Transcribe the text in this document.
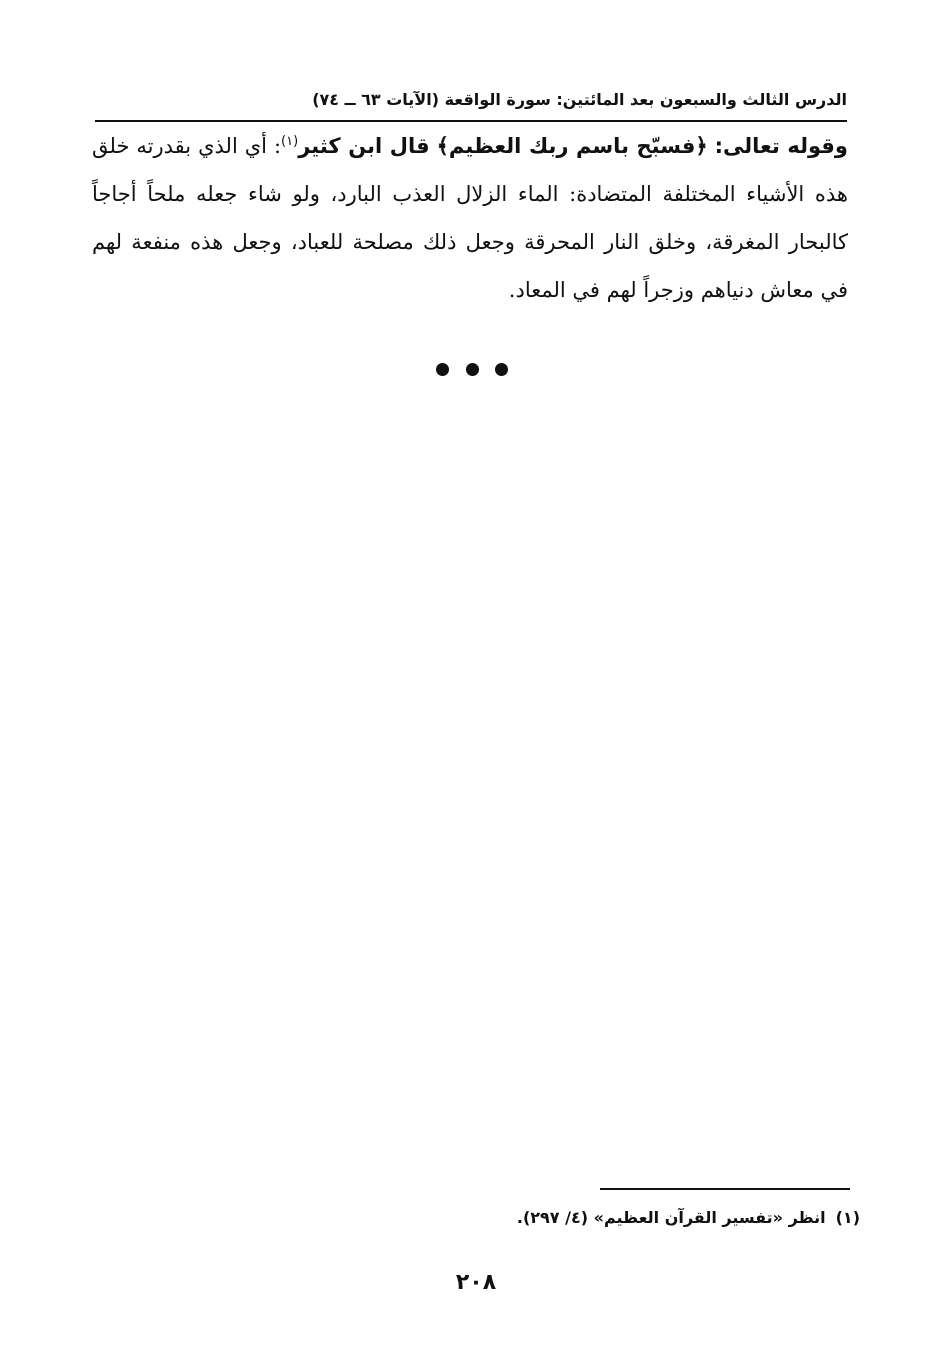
الدرس الثالث والسبعون بعد المائتين: سورة الواقعة (الآيات ٦٣ ــ ٧٤)
وقوله تعالى: ﴿فسبّح باسم ربك العظيم﴾ قال ابن كثير$^{(١)}$: أي الذي بقدرته خلق هذه الأشياء المختلفة المتضادة: الماء الزلال العذب البارد، ولو شاء جعله ملحاً أجاجاً كالبحار المغرقة، وخلق النار المحرقة وجعل ذلك مصلحة للعباد، وجعل هذه منفعة لهم في معاش دنياهم وزجراً لهم في المعاد.
(١)انظر «تفسير القرآن العظيم» (٤/ ٢٩٧).
٢٠٨
